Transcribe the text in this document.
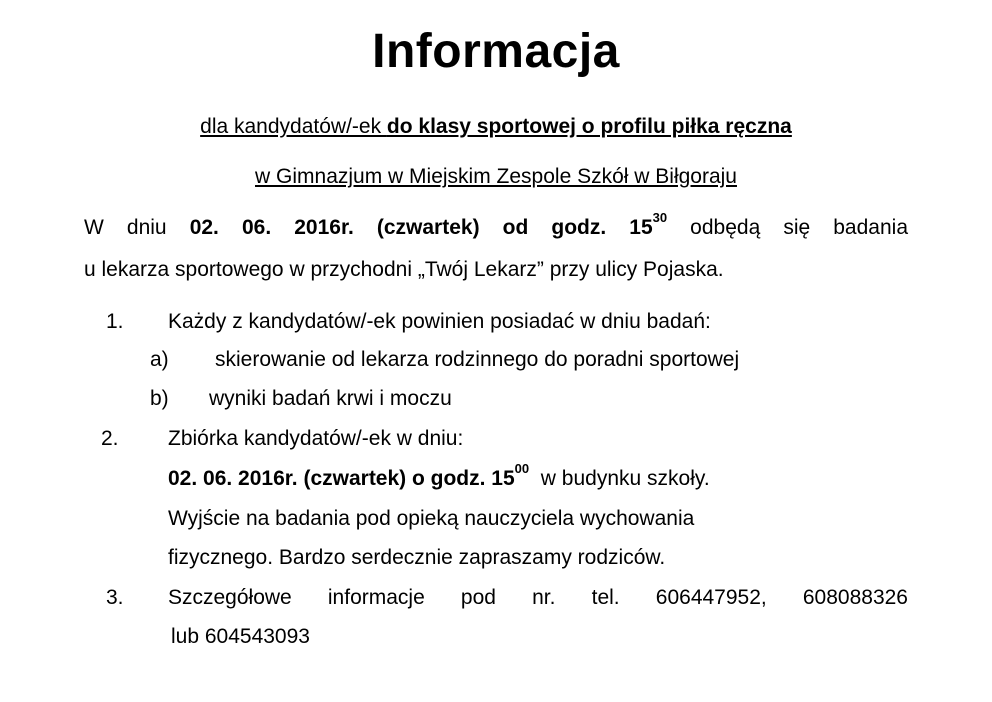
Informacja
dla kandydatów/-ek do klasy sportowej o profilu piłka ręczna
w Gimnazjum w Miejskim Zespole Szkół w Biłgoraju
W dniu 02. 06. 2016r. (czwartek) od godz. $15^{30}$ odbędą się badania
u lekarza sportowego w przychodni „Twój Lekarz” przy ulicy Pojaska.
1. Każdy z kandydatów/-ek powinien posiadać w dniu badań:
a) skierowanie od lekarza rodzinnego do poradni sportowej
b) wyniki badań krwi i moczu
2. Zbiórka kandydatów/-ek w dniu:
02. 06. 2016r. (czwartek) o godz. $15^{00}$  w budynku szkoły.
Wyjście na badania pod opieką nauczyciela wychowania
fizycznego. Bardzo serdecznie zapraszamy rodziców.
3. Szczegółowe informacje pod nr. tel. 606447952, 608088326
lub 604543093
